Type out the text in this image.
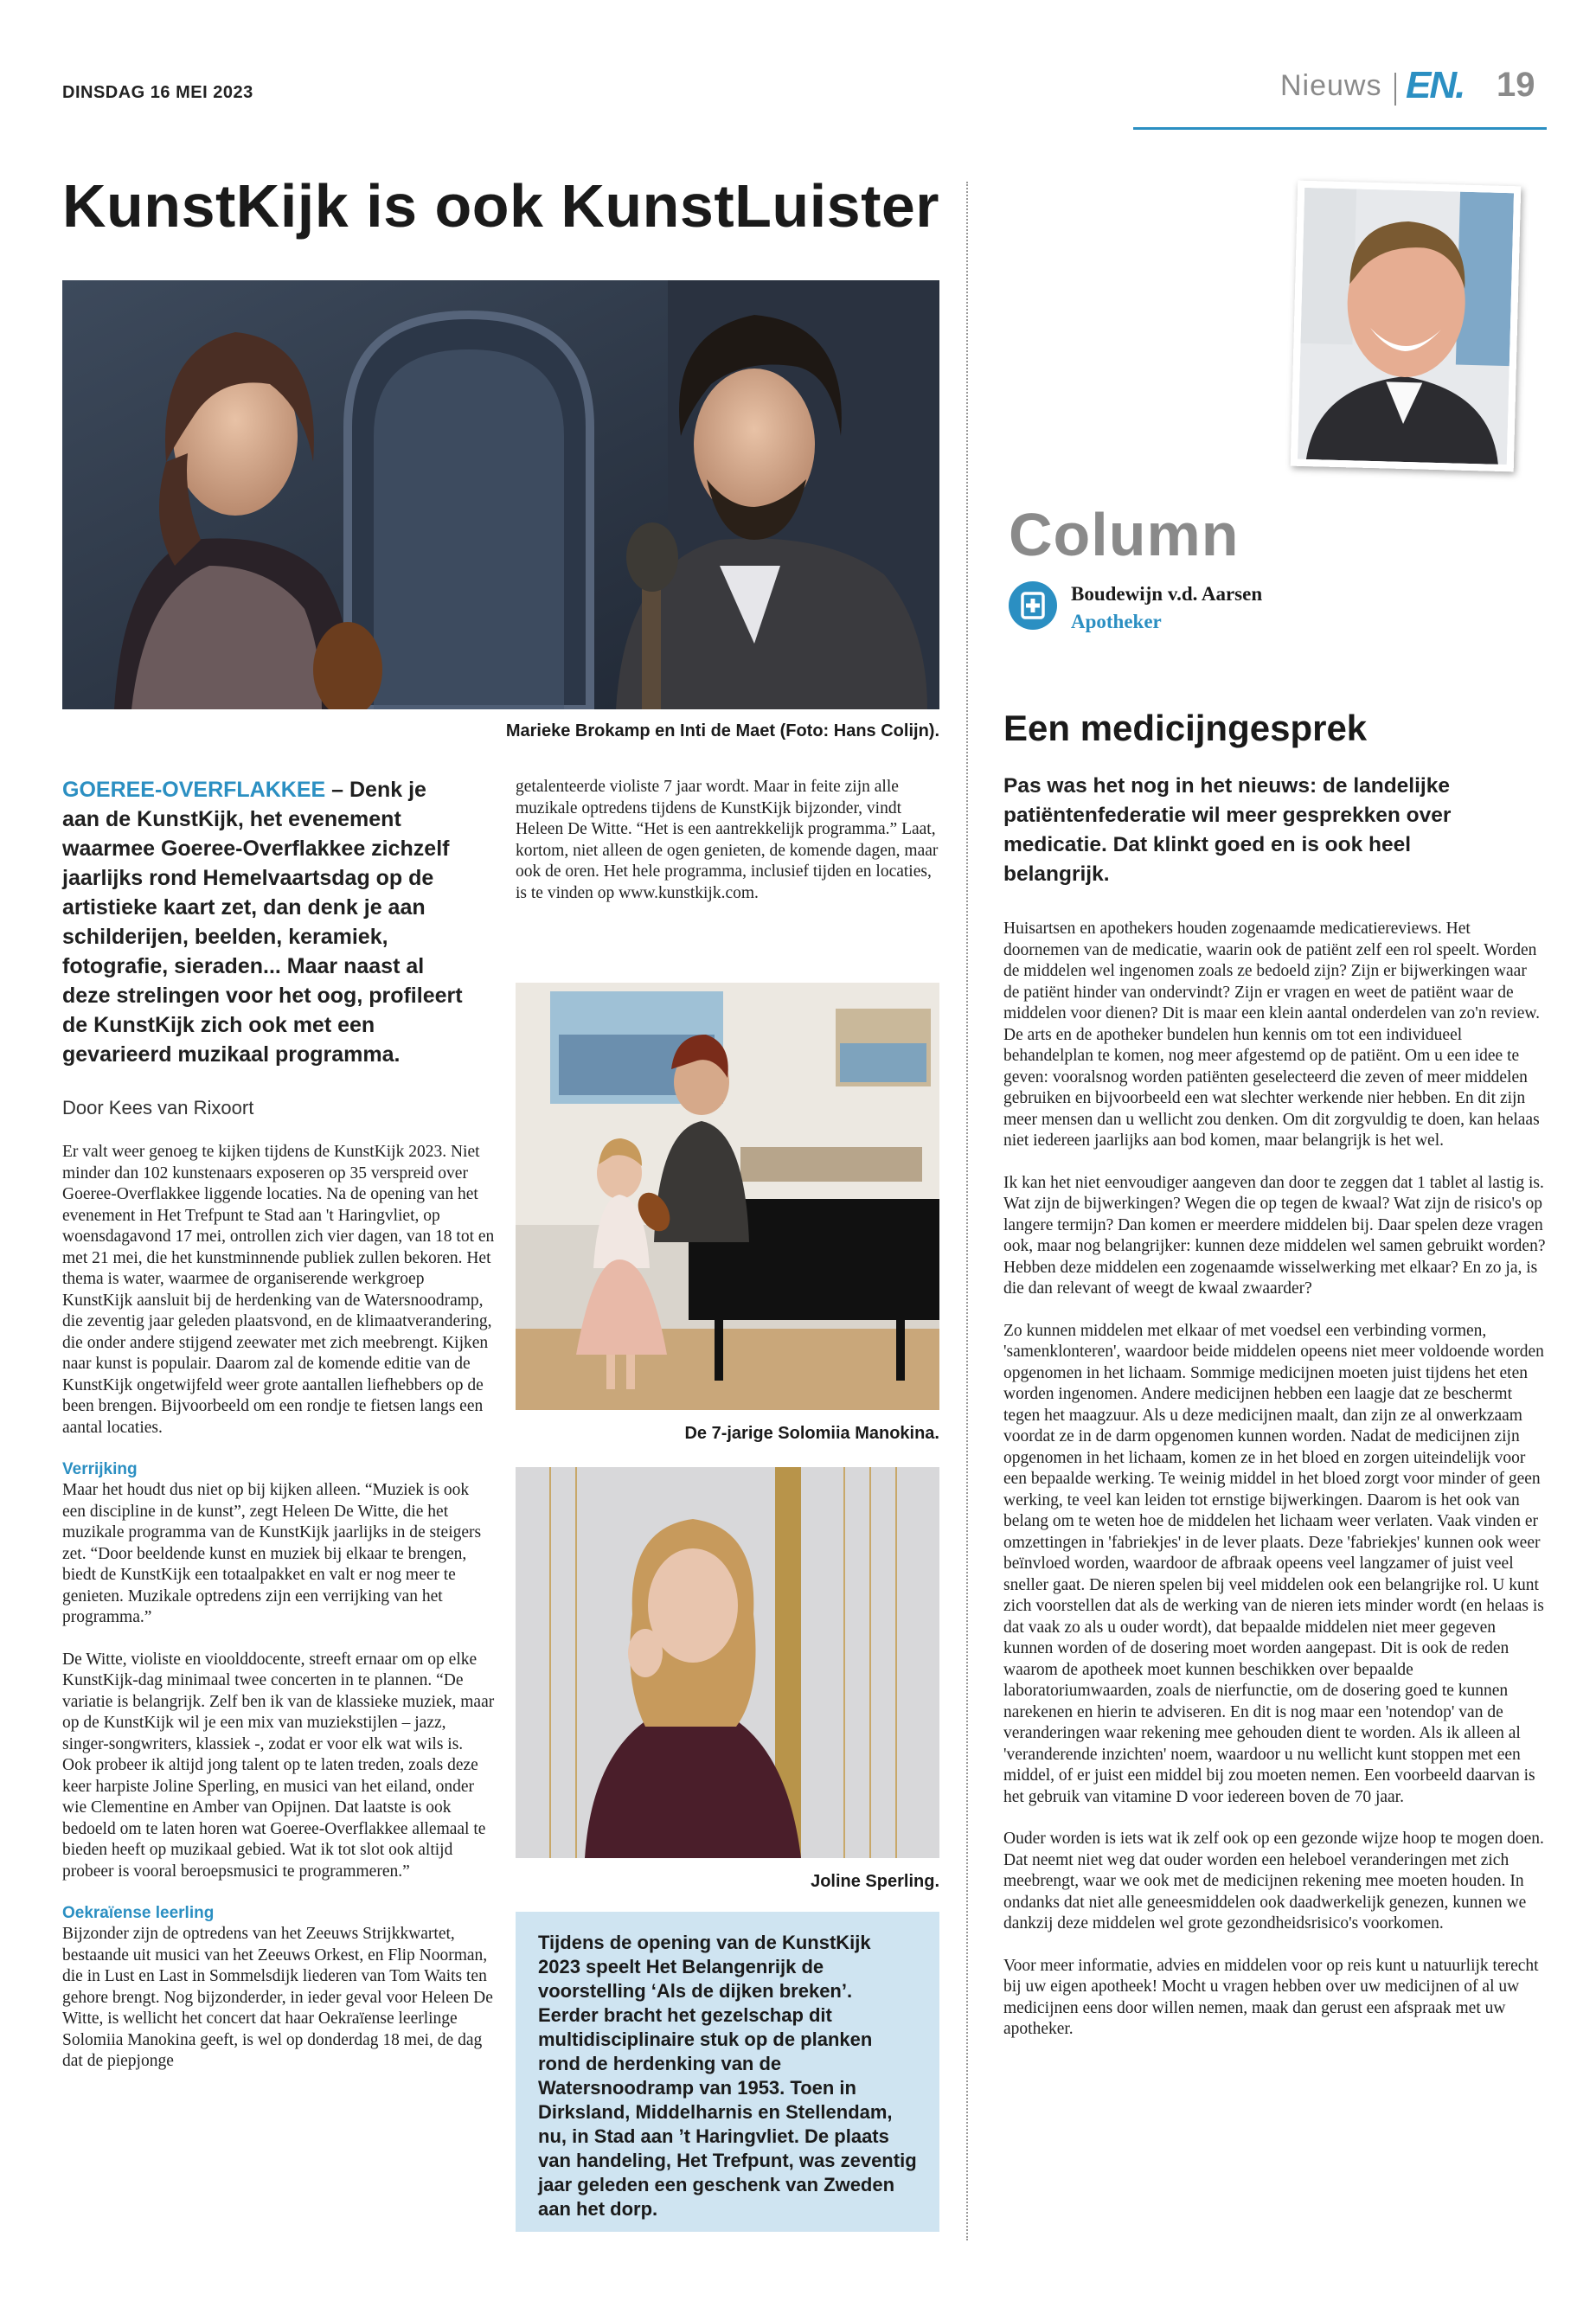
DINSDAG 16 MEI 2023	Nieuws EN. 19
KunstKijk is ook KunstLuister
Marieke Brokamp en Inti de Maet (Foto: Hans Colijn).
GOEREE-OVERFLAKKEE – Denk je aan de KunstKijk, het evenement waarmee Goeree-Overflakkee zichzelf jaarlijks rond Hemelvaartsdag op de artistieke kaart zet, dan denk je aan schilderijen, beelden, keramiek, fotografie, sieraden... Maar naast al deze strelingen voor het oog, profileert de KunstKijk zich ook met een gevarieerd muzikaal programma.
Door Kees van Rixoort

Er valt weer genoeg te kijken tijdens de KunstKijk 2023. Niet minder dan 102 kunstenaars exposeren op 35 verspreid over Goeree-Overflakkee liggende locaties. Na de opening van het evenement in Het Trefpunt te Stad aan 't Haringvliet, op woensdagavond 17 mei, ontrollen zich vier dagen, van 18 tot en met 21 mei, die het kunstminnende publiek zullen bekoren. Het thema is water, waarmee de organiserende werkgroep KunstKijk aansluit bij de herdenking van de Watersnoodramp, die zeventig jaar geleden plaatsvond, en de klimaatverandering, die onder andere stijgend zeewater met zich meebrengt. Kijken naar kunst is populair. Daarom zal de komende editie van de KunstKijk ongetwijfeld weer grote aantallen liefhebbers op de been brengen. Bijvoorbeeld om een rondje te fietsen langs een aantal locaties.

Verrijking

Maar het houdt dus niet op bij kijken alleen. “Muziek is ook een discipline in de kunst”, zegt Heleen De Witte, die het muzikale programma van de KunstKijk jaarlijks in de steigers zet. “Door beeldende kunst en muziek bij elkaar te brengen, biedt de KunstKijk een totaalpakket en valt er nog meer te genieten. Muzikale optredens zijn een verrijking van het programma.”

De Witte, violiste en vioolddocente, streeft ernaar om op elke KunstKijk-dag minimaal twee concerten in te plannen. “De variatie is belangrijk. Zelf ben ik van de klassieke muziek, maar op de KunstKijk wil je een mix van muziekstijlen – jazz, singer-songwriters, klassiek -, zodat er voor elk wat wils is. Ook probeer ik altijd jong talent op te laten treden, zoals deze keer harpiste Joline Sperling, en musici van het eiland, onder wie Clementine en Amber van Opijnen. Dat laatste is ook bedoeld om te laten horen wat Goeree-Overflakkee allemaal te bieden heeft op muzikaal gebied. Wat ik tot slot ook altijd probeer is vooral beroepsmusici te programmeren.”

Oekraïense leerling

Bijzonder zijn de optredens van het Zeeuws Strijkkwartet, bestaande uit musici van het Zeeuws Orkest, en Flip Noorman, die in Lust en Last in Sommelsdijk liederen van Tom Waits ten gehore brengt. Nog bijzonderder, in ieder geval voor Heleen De Witte, is wellicht het concert dat haar Oekraïense leerlinge Solomiia Manokina geeft, is wel op donderdag 18 mei, de dag dat de piepjonge

getalenteerde violiste 7 jaar wordt. Maar in feite zijn alle muzikale optredens tijdens de KunstKijk bijzonder, vindt Heleen De Witte. “Het is een aantrekkelijk programma.” Laat, kortom, niet alleen de ogen genieten, de komende dagen, maar ook de oren. Het hele programma, inclusief tijden en locaties, is te vinden op www.kunstkijk.com.

De 7-jarige Solomiia Manokina.
Joline Sperling.
Tijdens de opening van de KunstKijk 2023 speelt Het Belangenrijk de voorstelling ‘Als de dijken breken’. Eerder bracht het gezelschap dit multidisciplinaire stuk op de planken rond de herdenking van de Watersnoodramp van 1953. Toen in Dirksland, Middelharnis en Stellendam, nu, in Stad aan ’t Haringvliet. De plaats van handeling, Het Trefpunt, was zeventig jaar geleden een geschenk van Zweden aan het dorp.
Column
Boudewijn v.d. Aarsen
Apotheker
Een medicijngesprek
Pas was het nog in het nieuws: de landelijke patiëntenfederatie wil meer gesprekken over medicatie. Dat klinkt goed en is ook heel belangrijk.

Huisartsen en apothekers houden zogenaamde medicatiereviews. Het doornemen van de medicatie, waarin ook de patiënt zelf een rol speelt. Worden de middelen wel ingenomen zoals ze bedoeld zijn? Zijn er bijwerkingen waar de patiënt hinder van ondervindt? Zijn er vragen en weet de patiënt waar de middelen voor dienen? Dit is maar een klein aantal onderdelen van zo'n review. De arts en de apotheker bundelen hun kennis om tot een individueel behandelplan te komen, nog meer afgestemd op de patiënt. Om u een idee te geven: vooralsnog worden patiënten geselecteerd die zeven of meer middelen gebruiken en bijvoorbeeld een wat slechter werkende nier hebben. En dit zijn meer mensen dan u wellicht zou denken. Om dit zorgvuldig te doen, kan helaas niet iedereen jaarlijks aan bod komen, maar belangrijk is het wel.

Ik kan het niet eenvoudiger aangeven dan door te zeggen dat 1 tablet al lastig is. Wat zijn de bijwerkingen? Wegen die op tegen de kwaal? Wat zijn de risico's op langere termijn? Dan komen er meerdere middelen bij. Daar spelen deze vragen ook, maar nog belangrijker: kunnen deze middelen wel samen gebruikt worden? Hebben deze middelen een zogenaamde wisselwerking met elkaar? En zo ja, is die dan relevant of weegt de kwaal zwaarder?

Zo kunnen middelen met elkaar of met voedsel een verbinding vormen, 'samenklonteren', waardoor beide middelen opeens niet meer voldoende worden opgenomen in het lichaam. Sommige medicijnen moeten juist tijdens het eten worden ingenomen. Andere medicijnen hebben een laagje dat ze beschermt tegen het maagzuur. Als u deze medicijnen maalt, dan zijn ze al onwerkzaam voordat ze in de darm opgenomen kunnen worden. Nadat de medicijnen zijn opgenomen in het lichaam, komen ze in het bloed en zorgen uiteindelijk voor een bepaalde werking. Te weinig middel in het bloed zorgt voor minder of geen werking, te veel kan leiden tot ernstige bijwerkingen. Daarom is het ook van belang om te weten hoe de middelen het lichaam weer verlaten. Vaak vinden er omzettingen in 'fabriekjes' in de lever plaats. Deze 'fabriekjes' kunnen ook weer beïnvloed worden, waardoor de afbraak opeens veel langzamer of juist veel sneller gaat. De nieren spelen bij veel middelen ook een belangrijke rol. U kunt zich voorstellen dat als de werking van de nieren iets minder wordt (en helaas is dat vaak zo als u ouder wordt), dat bepaalde middelen niet meer gegeven kunnen worden of de dosering moet worden aangepast. Dit is ook de reden waarom de apotheek moet kunnen beschikken over bepaalde laboratoriumwaarden, zoals de nierfunctie, om de dosering goed te kunnen narekenen en hierin te adviseren. En dit is nog maar een 'notendop' van de veranderingen waar rekening mee gehouden dient te worden. Als ik alleen al 'veranderende inzichten' noem, waardoor u nu wellicht kunt stoppen met een middel, of er juist een middel bij zou moeten nemen. Een voorbeeld daarvan is het gebruik van vitamine D voor iedereen boven de 70 jaar.

Ouder worden is iets wat ik zelf ook op een gezonde wijze hoop te mogen doen. Dat neemt niet weg dat ouder worden een heleboel veranderingen met zich meebrengt, waar we ook met de medicijnen rekening mee moeten houden. In ondanks dat niet alle geneesmiddelen ook daadwerkelijk genezen, kunnen we dankzij deze middelen wel grote gezondheidsrisico's voorkomen.

Voor meer informatie, advies en middelen voor op reis kunt u natuurlijk terecht bij uw eigen apotheek! Mocht u vragen hebben over uw medicijnen of al uw medicijnen eens door willen nemen, maak dan gerust een afspraak met uw apotheker.
